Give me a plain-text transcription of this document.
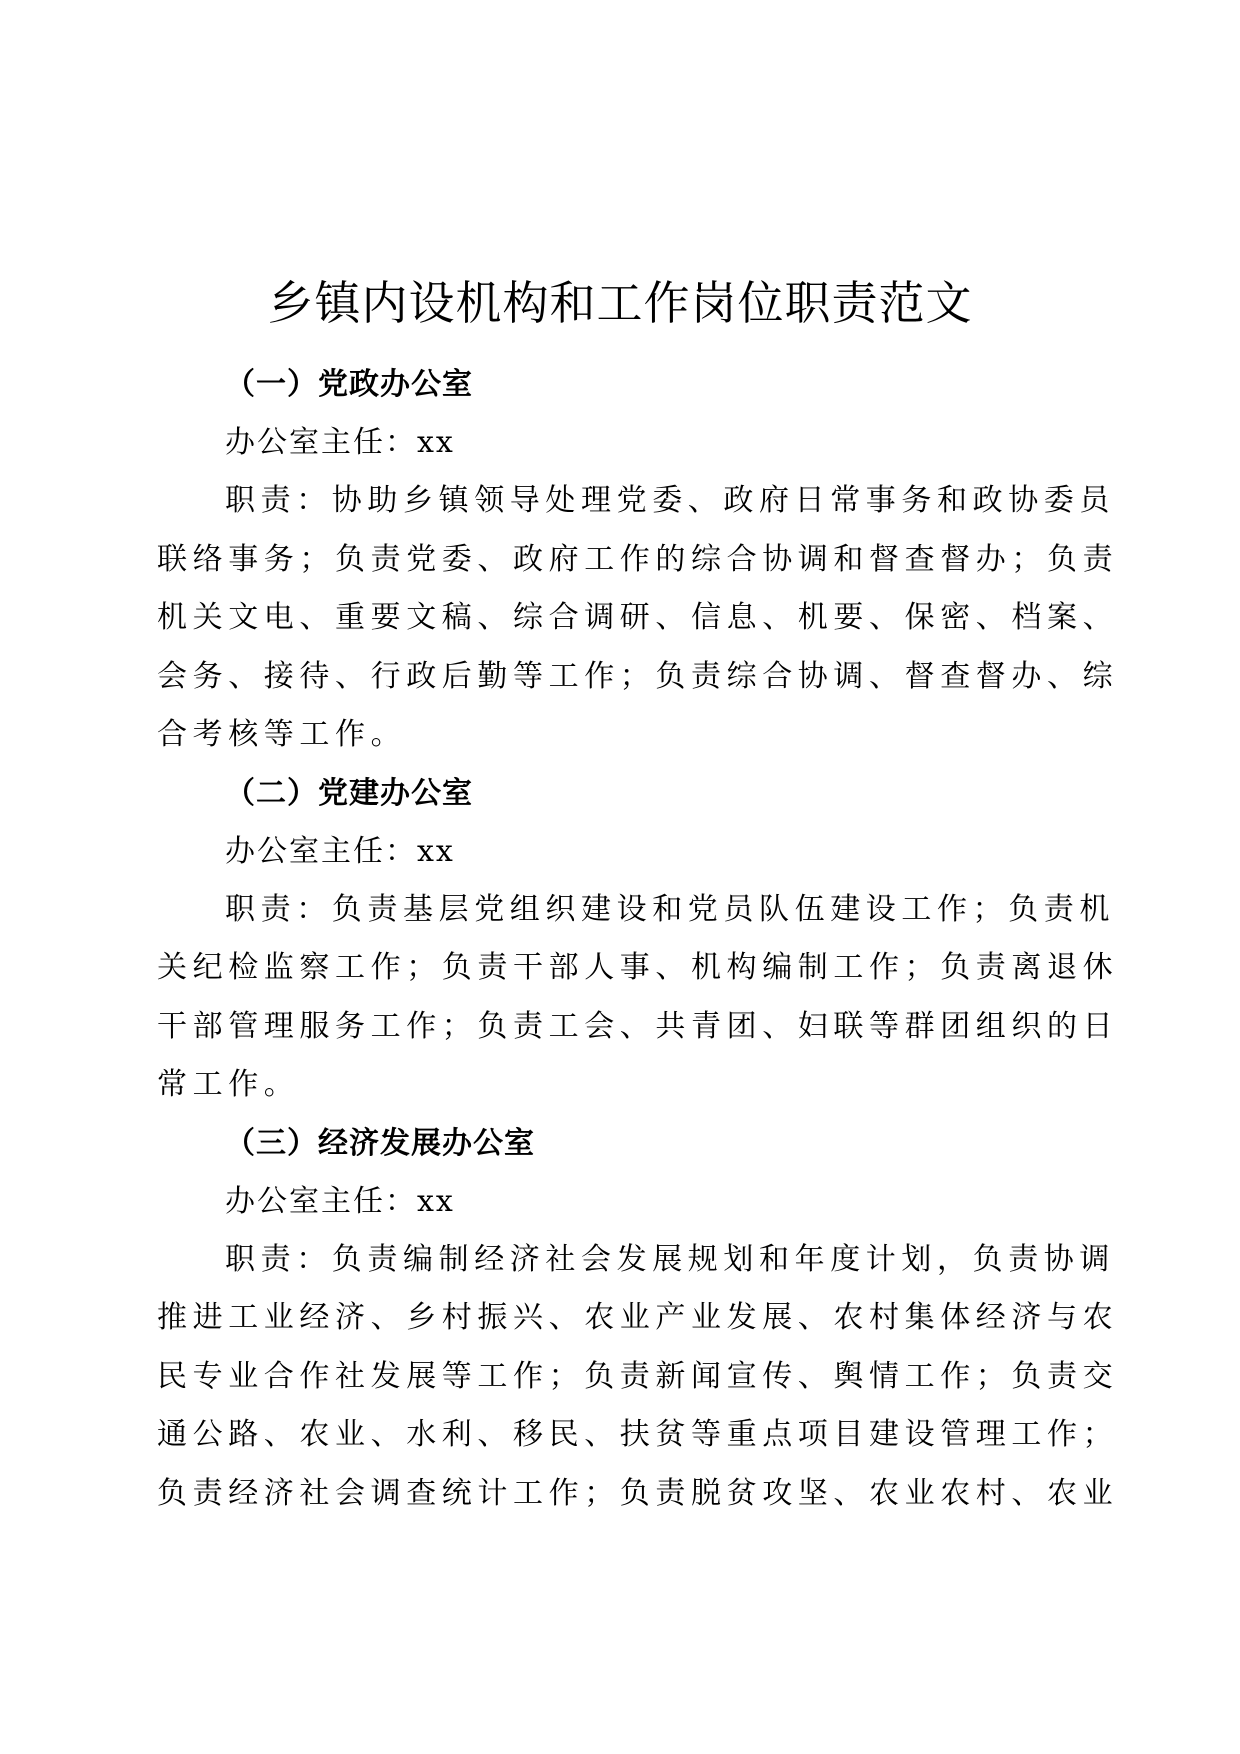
乡镇内设机构和工作岗位职责范文
（一）党政办公室

办公室主任：xx

职责：协助乡镇领导处理党委、政府日常事务和政协委员
联络事务；负责党委、政府工作的综合协调和督查督办；负责
机关文电、重要文稿、综合调研、信息、机要、保密、档案、
会务、接待、行政后勤等工作；负责综合协调、督查督办、综
合考核等工作。
（二）党建办公室

办公室主任：xx

职责：负责基层党组织建设和党员队伍建设工作；负责机
关纪检监察工作；负责干部人事、机构编制工作；负责离退休
干部管理服务工作；负责工会、共青团、妇联等群团组织的日
常工作。
（三）经济发展办公室

办公室主任：xx

职责：负责编制经济社会发展规划和年度计划，负责协调
推进工业经济、乡村振兴、农业产业发展、农村集体经济与农
民专业合作社发展等工作；负责新闻宣传、舆情工作；负责交
通公路、农业、水利、移民、扶贫等重点项目建设管理工作；
负责经济社会调查统计工作；负责脱贫攻坚、农业农村、农业
